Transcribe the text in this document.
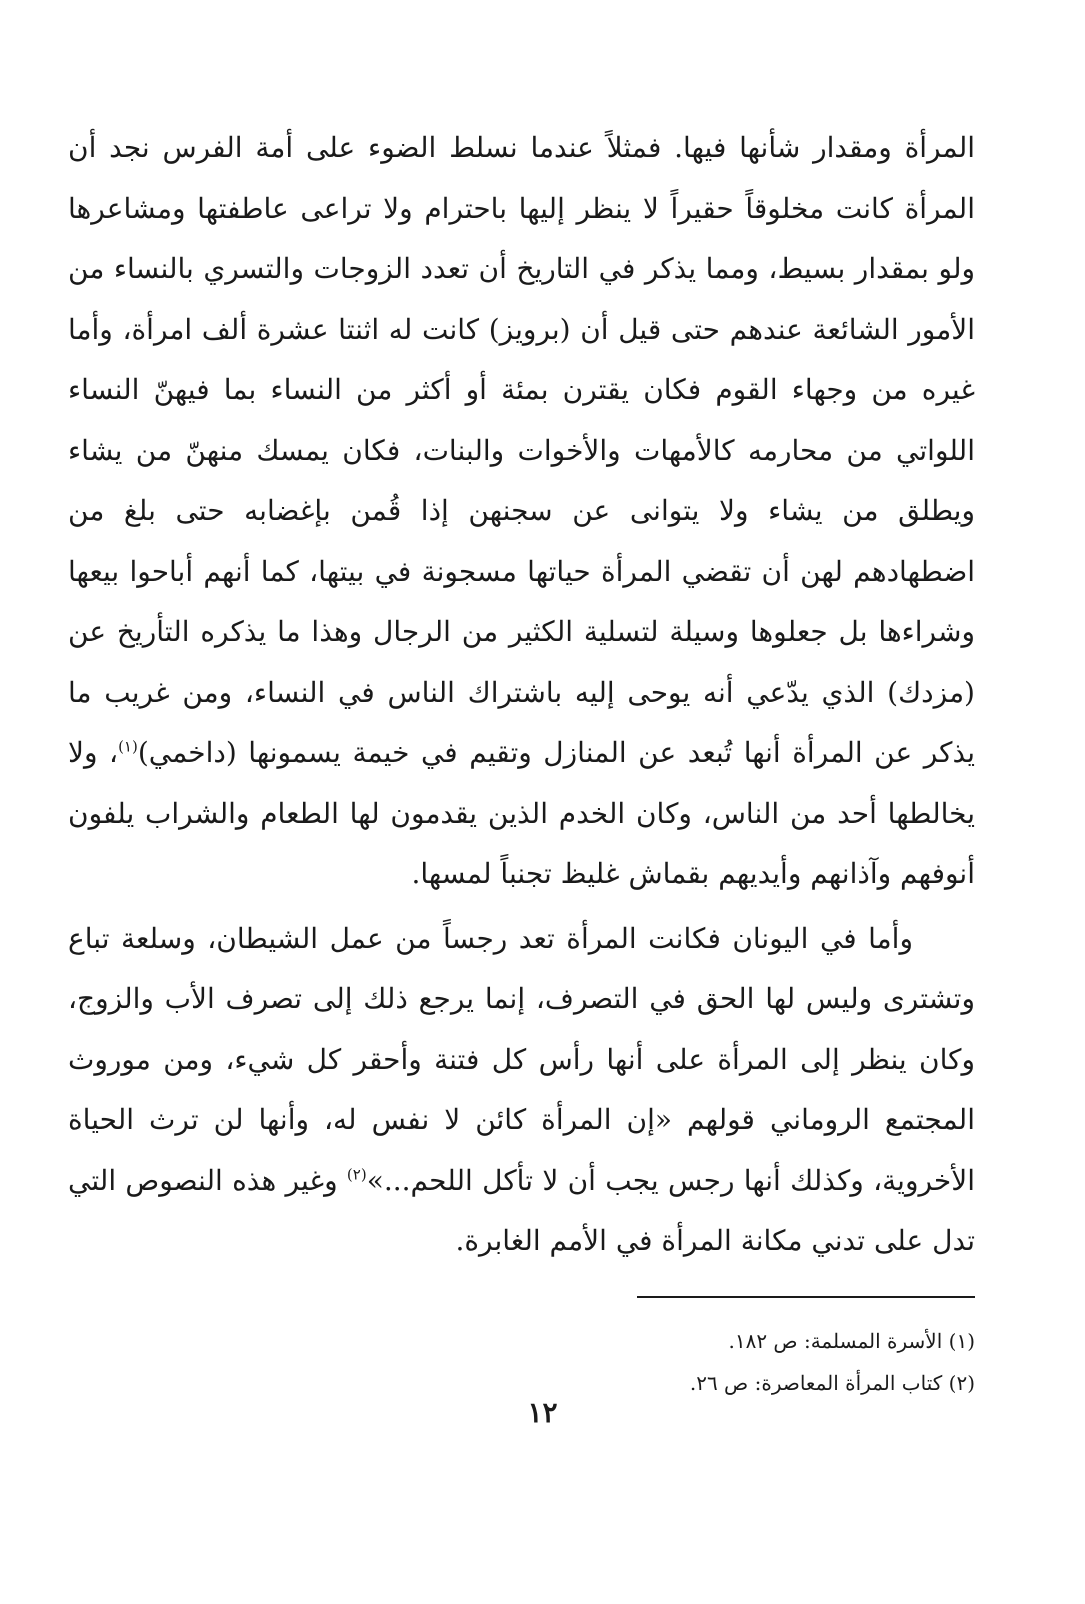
المرأة ومقدار شأنها فيها. فمثلاً عندما نسلط الضوء على أمة الفرس نجد أن المرأة كانت مخلوقاً حقيراً لا ينظر إليها باحترام ولا تراعى عاطفتها ومشاعرها ولو بمقدار بسيط، ومما يذكر في التاريخ أن تعدد الزوجات والتسري بالنساء من الأمور الشائعة عندهم حتى قيل أن (برويز) كانت له اثنتا عشرة ألف امرأة، وأما غيره من وجهاء القوم فكان يقترن بمئة أو أكثر من النساء بما فيهنّ النساء اللواتي من محارمه كالأمهات والأخوات والبنات، فكان يمسك منهنّ من يشاء ويطلق من يشاء ولا يتوانى عن سجنهن إذا قُمن بإغضابه حتى بلغ من اضطهادهم لهن أن تقضي المرأة حياتها مسجونة في بيتها، كما أنهم أباحوا بيعها وشراءها بل جعلوها وسيلة لتسلية الكثير من الرجال وهذا ما يذكره التأريخ عن (مزدك) الذي يدّعي أنه يوحى إليه باشتراك الناس في النساء، ومن غريب ما يذكر عن المرأة أنها تُبعد عن المنازل وتقيم في خيمة يسمونها (داخمي)$^{(١)}$، ولا يخالطها أحد من الناس، وكان الخدم الذين يقدمون لها الطعام والشراب يلفون أنوفهم وآذانهم وأيديهم بقماش غليظ تجنباً لمسها.

وأما في اليونان فكانت المرأة تعد رجساً من عمل الشيطان، وسلعة تباع وتشترى وليس لها الحق في التصرف، إنما يرجع ذلك إلى تصرف الأب والزوج، وكان ينظر إلى المرأة على أنها رأس كل فتنة وأحقر كل شيء، ومن موروث المجتمع الروماني قولهم «إن المرأة كائن لا نفس له، وأنها لن ترث الحياة الأخروية، وكذلك أنها رجس يجب أن لا تأكل اللحم...»$^{(٢)}$ وغير هذه النصوص التي تدل على تدني مكانة المرأة في الأمم الغابرة.

(١) الأسرة المسلمة: ص ١٨٢.

(٢) كتاب المرأة المعاصرة: ص ٢٦.

١٢
